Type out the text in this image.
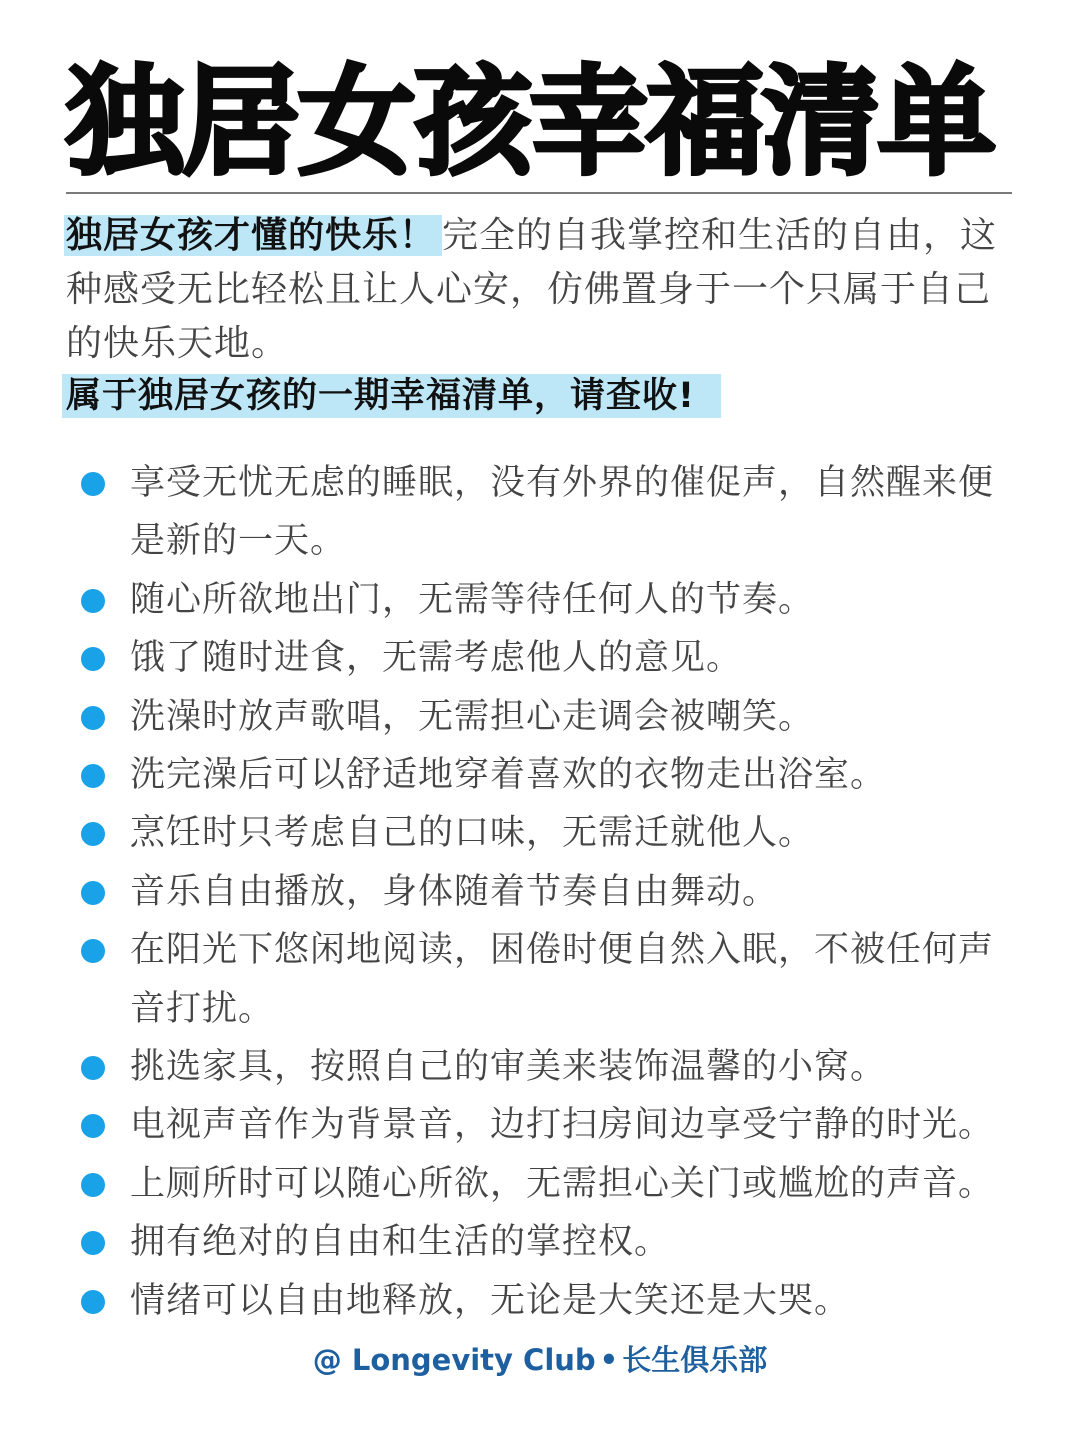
独居女孩幸福清单
独居女孩才懂的快乐！ 完全的自我掌控和生活的自由，这种感受无比轻松且让人心安，仿佛置身于一个只属于自己的快乐天地。
属于独居女孩的一期幸福清单，请查收!
享受无忧无虑的睡眠，没有外界的催促声，自然醒来便是新的一天。
随心所欲地出门，无需等待任何人的节奏。
饿了随时进食，无需考虑他人的意见。
洗澡时放声歌唱，无需担心走调会被嘲笑。
洗完澡后可以舒适地穿着喜欢的衣物走出浴室。
烹饪时只考虑自己的口味，无需迁就他人。
音乐自由播放，身体随着节奏自由舞动。
在阳光下悠闲地阅读，困倦时便自然入眠，不被任何声音打扰。
挑选家具，按照自己的审美来装饰温馨的小窝。
电视声音作为背景音，边打扫房间边享受宁静的时光。
上厕所时可以随心所欲，无需担心关门或尴尬的声音。
拥有绝对的自由和生活的掌控权。
情绪可以自由地释放，无论是大笑还是大哭。
@ Longevity Club • 长生俱乐部
